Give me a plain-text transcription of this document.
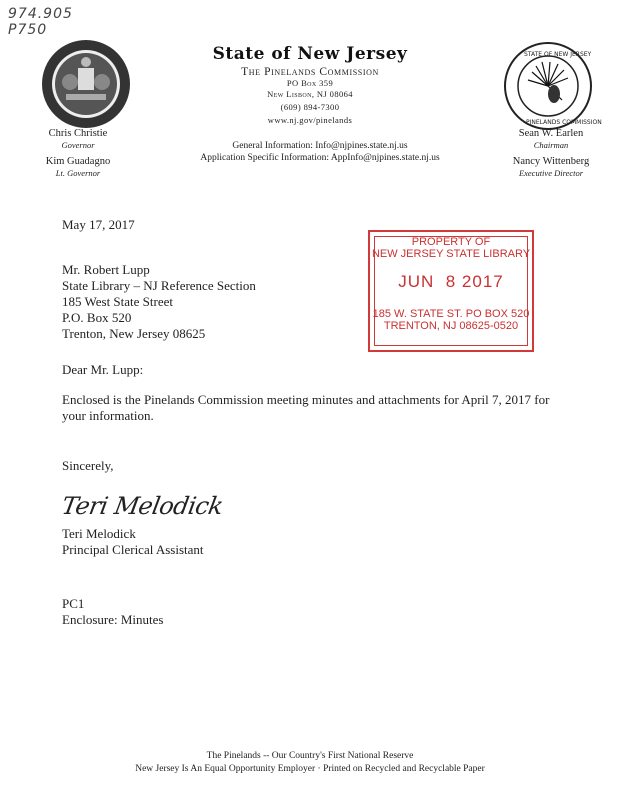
974.905
P750
STATE OF NEW JERSEY
PINELANDS COMMISSION
State of New Jersey
The Pinelands Commission
PO Box 359
New Lisbon, NJ 08064
(609) 894-7300
www.nj.gov/pinelands
General Information: Info@njpines.state.nj.us
Application Specific Information: AppInfo@njpines.state.nj.us
Chris Christie
Governor
Kim Guadagno
Lt. Governor
Sean W. Earlen
Chairman
Nancy Wittenberg
Executive Director
May 17, 2017
Mr. Robert Lupp
State Library – NJ Reference Section
185 West State Street
P.O. Box 520
Trenton, New Jersey 08625
PROPERTY OF
NEW JERSEY STATE LIBRARY
JUN  8 2017
185 W. STATE ST. PO BOX 520
TRENTON, NJ 08625-0520
Dear Mr. Lupp:
Enclosed is the Pinelands Commission meeting minutes and attachments for April 7, 2017 for your information.
Sincerely,
Teri Melodick
Teri Melodick
Principal Clerical Assistant
PC1
Enclosure: Minutes
The Pinelands -- Our Country's First National Reserve
New Jersey Is An Equal Opportunity Employer · Printed on Recycled and Recyclable Paper
